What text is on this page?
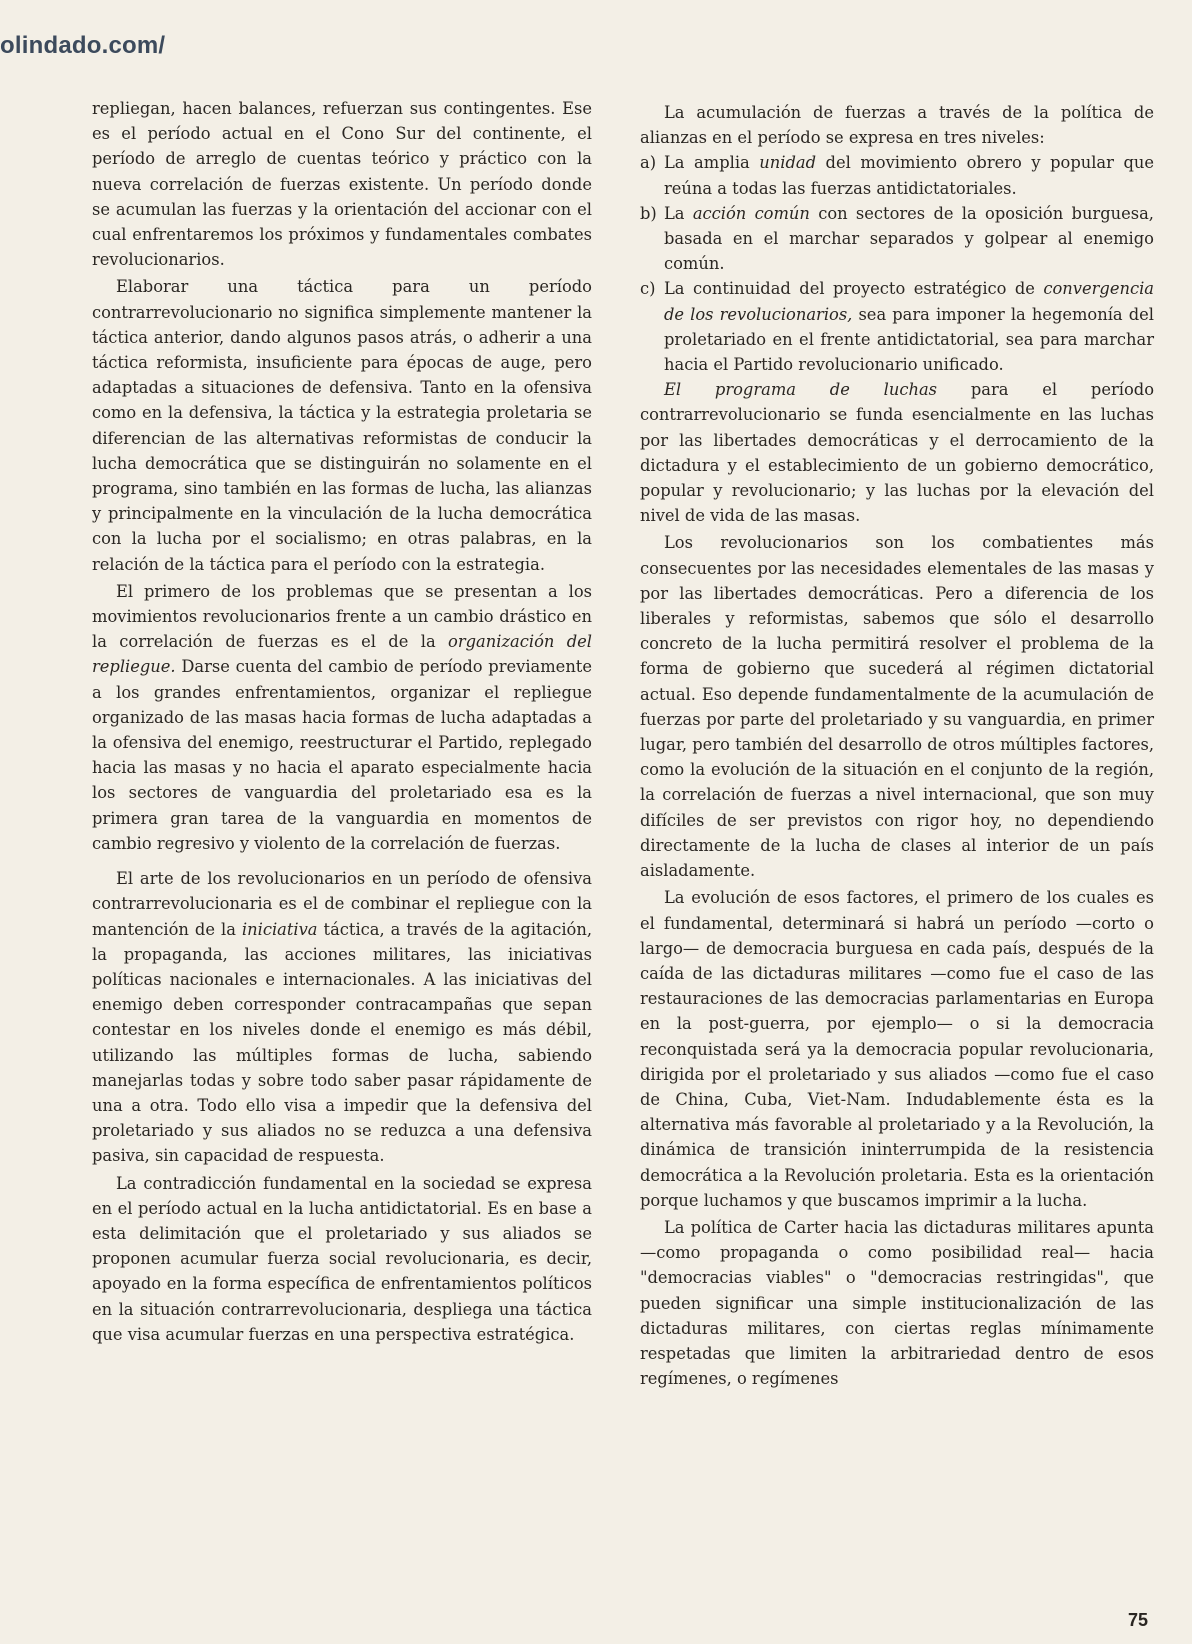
olindado.com/

repliegan, hacen balances, refuerzan sus contingentes. Ese es el período actual en el Cono Sur del continente, el período de arreglo de cuentas teórico y práctico con la nueva correlación de fuerzas existente. Un período donde se acumulan las fuerzas y la orientación del accionar con el cual enfrentaremos los próximos y fundamentales combates revolucionarios.

Elaborar una táctica para un período contrarrevolucionario no significa simplemente mantener la táctica anterior, dando algunos pasos atrás, o adherir a una táctica reformista, insuficiente para épocas de auge, pero adaptadas a situaciones de defensiva. Tanto en la ofensiva como en la defensiva, la táctica y la estrategia proletaria se diferencian de las alternativas reformistas de conducir la lucha democrática que se distinguirán no solamente en el programa, sino también en las formas de lucha, las alianzas y principalmente en la vinculación de la lucha democrática con la lucha por el socialismo; en otras palabras, en la relación de la táctica para el período con la estrategia.

El primero de los problemas que se presentan a los movimientos revolucionarios frente a un cambio drástico en la correlación de fuerzas es el de la organización del repliegue. Darse cuenta del cambio de período previamente a los grandes enfrentamientos, organizar el repliegue organizado de las masas hacia formas de lucha adaptadas a la ofensiva del enemigo, reestructurar el Partido, replegado hacia las masas y no hacia el aparato especialmente hacia los sectores de vanguardia del proletariado esa es la primera gran tarea de la vanguardia en momentos de cambio regresivo y violento de la correlación de fuerzas.

El arte de los revolucionarios en un período de ofensiva contrarrevolucionaria es el de combinar el repliegue con la mantención de la iniciativa táctica, a través de la agitación, la propaganda, las acciones militares, las iniciativas políticas nacionales e internacionales. A las iniciativas del enemigo deben corresponder contracampañas que sepan contestar en los niveles donde el enemigo es más débil, utilizando las múltiples formas de lucha, sabiendo manejarlas todas y sobre todo saber pasar rápidamente de una a otra. Todo ello visa a impedir que la defensiva del proletariado y sus aliados no se reduzca a una defensiva pasiva, sin capacidad de respuesta.

La contradicción fundamental en la sociedad se expresa en el período actual en la lucha antidictatorial. Es en base a esta delimitación que el proletariado y sus aliados se proponen acumular fuerza social revolucionaria, es decir, apoyado en la forma específica de enfrentamientos políticos en la situación contrarrevolucionaria, despliega una táctica que visa acumular fuerzas en una perspectiva estratégica.

La acumulación de fuerzas a través de la política de alianzas en el período se expresa en tres niveles:

a) La amplia unidad del movimiento obrero y popular que reúna a todas las fuerzas antidictatoriales.
b) La acción común con sectores de la oposición burguesa, basada en el marchar separados y golpear al enemigo común.
c) La continuidad del proyecto estratégico de convergencia de los revolucionarios, sea para imponer la hegemonía del proletariado en el frente antidictatorial, sea para marchar hacia el Partido revolucionario unificado.

El programa de luchas para el período contrarrevolucionario se funda esencialmente en las luchas por las libertades democráticas y el derrocamiento de la dictadura y el establecimiento de un gobierno democrático, popular y revolucionario; y las luchas por la elevación del nivel de vida de las masas.

Los revolucionarios son los combatientes más consecuentes por las necesidades elementales de las masas y por las libertades democráticas. Pero a diferencia de los liberales y reformistas, sabemos que sólo el desarrollo concreto de la lucha permitirá resolver el problema de la forma de gobierno que sucederá al régimen dictatorial actual. Eso depende fundamentalmente de la acumulación de fuerzas por parte del proletariado y su vanguardia, en primer lugar, pero también del desarrollo de otros múltiples factores, como la evolución de la situación en el conjunto de la región, la correlación de fuerzas a nivel internacional, que son muy difíciles de ser previstos con rigor hoy, no dependiendo directamente de la lucha de clases al interior de un país aisladamente.

La evolución de esos factores, el primero de los cuales es el fundamental, determinará si habrá un período —corto o largo— de democracia burguesa en cada país, después de la caída de las dictaduras militares —como fue el caso de las restauraciones de las democracias parlamentarias en Europa en la post-guerra, por ejemplo— o si la democracia reconquistada será ya la democracia popular revolucionaria, dirigida por el proletariado y sus aliados —como fue el caso de China, Cuba, Viet-Nam. Indudablemente ésta es la alternativa más favorable al proletariado y a la Revolución, la dinámica de transición ininterrumpida de la resistencia democrática a la Revolución proletaria. Esta es la orientación porque luchamos y que buscamos imprimir a la lucha.

La política de Carter hacia las dictaduras militares apunta —como propaganda o como posibilidad real— hacia "democracias viables" o "democracias restringidas", que pueden significar una simple institucionalización de las dictaduras militares, con ciertas reglas mínimamente respetadas que limiten la arbitrariedad dentro de esos regímenes, o regímenes

75
